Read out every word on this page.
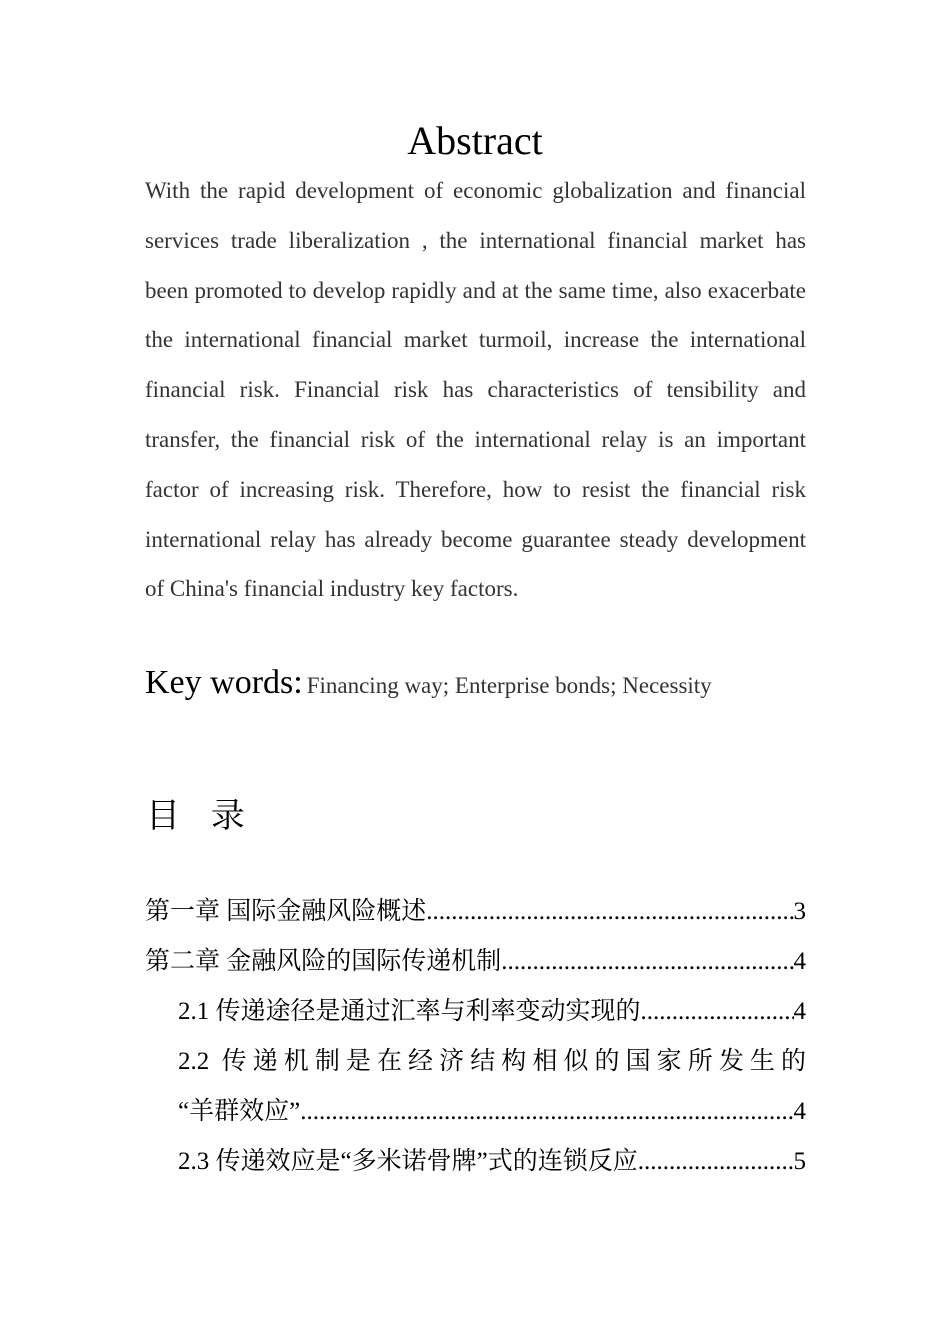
Abstract

With the rapid development of economic globalization and financial services trade liberalization , the international financial market has been promoted to develop rapidly and at the same time, also exacerbate the international financial market turmoil, increase the international financial risk. Financial risk has characteristics of tensibility and transfer, the financial risk of the international relay is an important factor of increasing risk. Therefore, how to resist the financial risk international relay has already become guarantee steady development of China's financial industry key factors.

Key words: Financing way; Enterprise bonds; Necessity
目 录
第一章 国际金融风险概述 .....	3
第二章 金融风险的国际传递机制 .....	4
2.1 传递途径是通过汇率与利率变动实现的 .....	4
2.2 传递机制是在经济结构相似的国家所发生的
“羊群效应” .....	4
2.3 传递效应是“多米诺骨牌”式的连锁反应 .....	5
